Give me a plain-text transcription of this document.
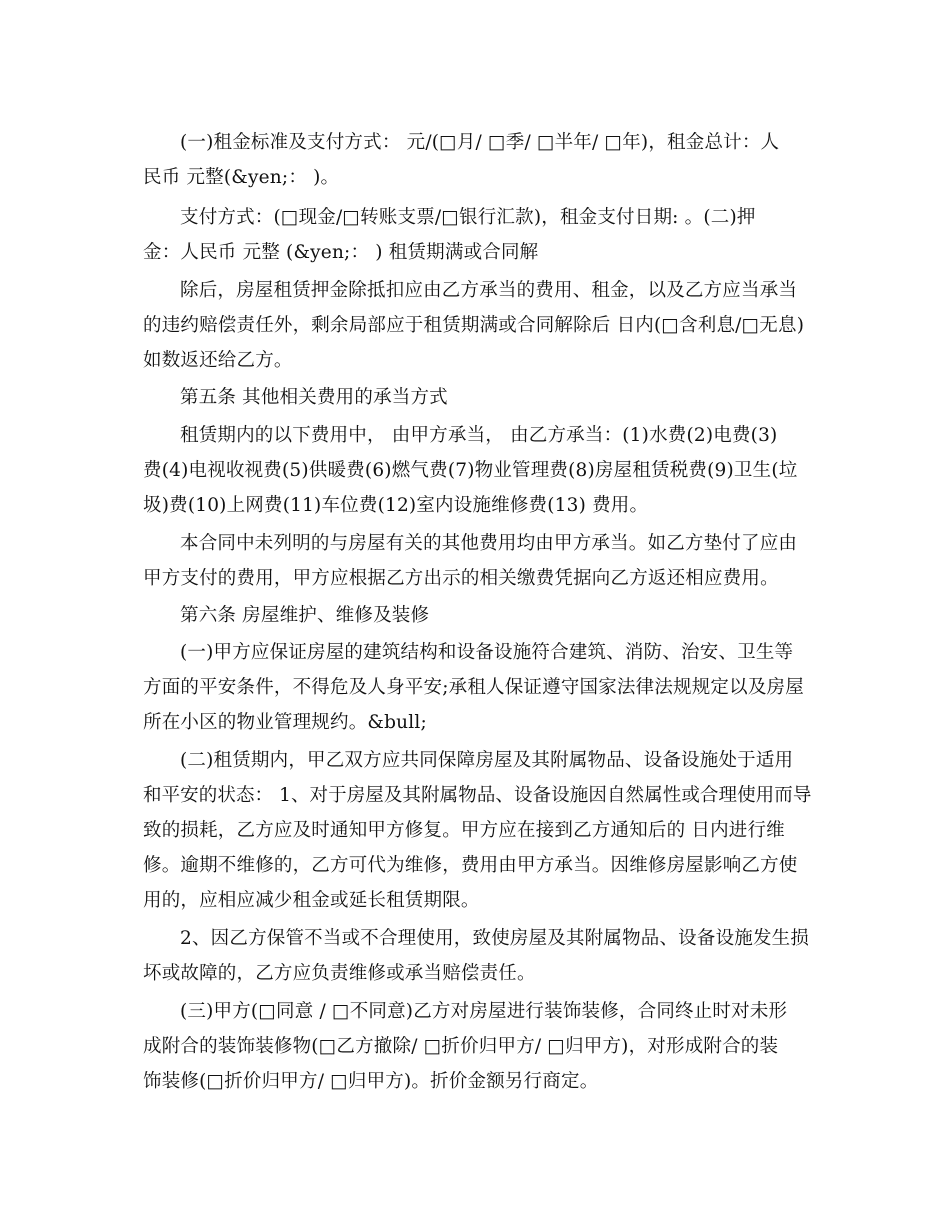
(一)租金标准及支付方式： 元/(□月/ □季/ □半年/ □年)，租金总计：人
民币 元整(&yen;： )。
支付方式：(□现金/□转账支票/□银行汇款)，租金支付日期: 。(二)押
金：人民币 元整 (&yen;： ) 租赁期满或合同解
除后，房屋租赁押金除抵扣应由乙方承当的费用、租金，以及乙方应当承当
的违约赔偿责任外，剩余局部应于租赁期满或合同解除后 日内(□含利息/□无息)
如数返还给乙方。
第五条 其他相关费用的承当方式
租赁期内的以下费用中， 由甲方承当， 由乙方承当：(1)水费(2)电费(3)
费(4)电视收视费(5)供暖费(6)燃气费(7)物业管理费(8)房屋租赁税费(9)卫生(垃
圾)费(10)上网费(11)车位费(12)室内设施维修费(13) 费用。
本合同中未列明的与房屋有关的其他费用均由甲方承当。如乙方垫付了应由
甲方支付的费用，甲方应根据乙方出示的相关缴费凭据向乙方返还相应费用。
第六条 房屋维护、维修及装修
(一)甲方应保证房屋的建筑结构和设备设施符合建筑、消防、治安、卫生等
方面的平安条件，不得危及人身平安;承租人保证遵守国家法律法规规定以及房屋
所在小区的物业管理规约。&bull;
(二)租赁期内，甲乙双方应共同保障房屋及其附属物品、设备设施处于适用
和平安的状态： 1、对于房屋及其附属物品、设备设施因自然属性或合理使用而导
致的损耗，乙方应及时通知甲方修复。甲方应在接到乙方通知后的 日内进行维
修。逾期不维修的，乙方可代为维修，费用由甲方承当。因维修房屋影响乙方使
用的，应相应减少租金或延长租赁期限。
2、因乙方保管不当或不合理使用，致使房屋及其附属物品、设备设施发生损
坏或故障的，乙方应负责维修或承当赔偿责任。
(三)甲方(□同意 / □不同意)乙方对房屋进行装饰装修，合同终止时对未形
成附合的装饰装修物(□乙方撤除/ □折价归甲方/ □归甲方)，对形成附合的装
饰装修(□折价归甲方/ □归甲方)。折价金额另行商定。
